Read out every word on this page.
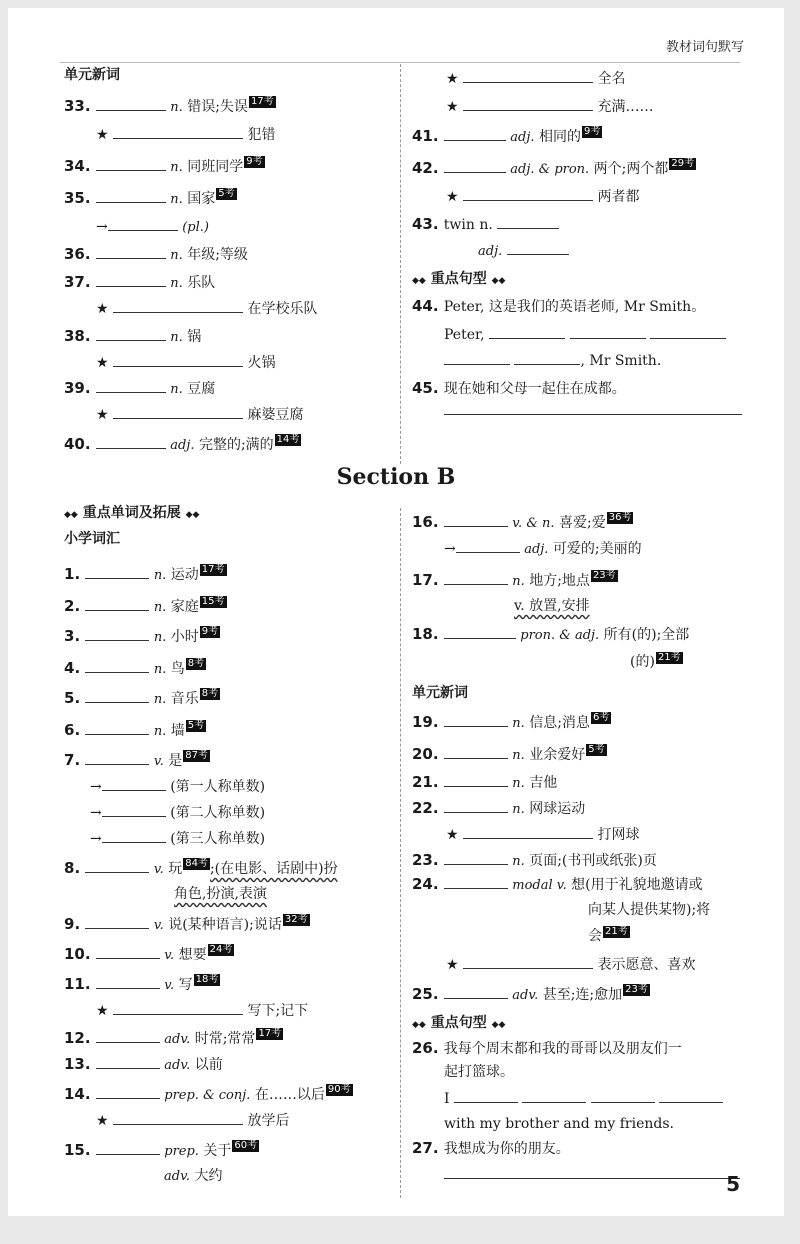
教材词句默写
单元新词
33.	n. 错误;失误 17考
★	犯错
34.	n. 同班同学 9考
35.	n. 国家 5考
→	(pl.)
36.	n. 年级;等级
37.	n. 乐队
★	在学校乐队
38.	n. 锅
★	火锅
39.	n. 豆腐
★	麻婆豆腐
40.	adj. 完整的;满的 14考
★	全名
★	充满……
41.	adj. 相同的 9考
42.	adj. & pron. 两个;两个都 29考
★	两者都
43. twin n.
adj.
◆◆ 重点句型 ◆◆
44. Peter, 这是我们的英语老师, Mr Smith。
Peter,
, Mr Smith.
45. 现在她和父母一起住在成都。
Section B
◆◆ 重点单词及拓展 ◆◆
小学词汇
1.	n. 运动 17考
2.	n. 家庭 15考
3.	n. 小时 9考
4.	n. 鸟 8考
5.	n. 音乐 8考
6.	n. 墙 5考
7.	v. 是 87考
→	(第一人称单数)
→	(第二人称单数)
→	(第三人称单数)
8.	v. 玩 84考 ;(在电影、话剧中)扮
角色,扮演,表演
9.	v. 说(某种语言);说话 32考
10.	v. 想要 24考
11.	v. 写 18考
★	写下;记下
12.	adv. 时常;常常 17考
13.	adv. 以前
14.	prep. & conj. 在……以后 90考
★	放学后
15.	prep. 关于 60考
adv. 大约
16.	v. & n. 喜爱;爱 36考
→	adj. 可爱的;美丽的
17.	n. 地方;地点 23考
v. 放置,安排
18.	pron. & adj. 所有(的);全部
(的) 21考
单元新词
19.	n. 信息;消息 6考
20.	n. 业余爱好 5考
21.	n. 吉他
22.	n. 网球运动
★	打网球
23.	n. 页面;(书刊或纸张)页
24.	modal v. 想(用于礼貌地邀请或
向某人提供某物);将
会 21考
★	表示愿意、喜欢
25.	adv. 甚至;连;愈加 23考
◆◆ 重点句型 ◆◆
26. 我每个周末都和我的哥哥以及朋友们一
起打篮球。
I
with my brother and my friends.
27. 我想成为你的朋友。
5
